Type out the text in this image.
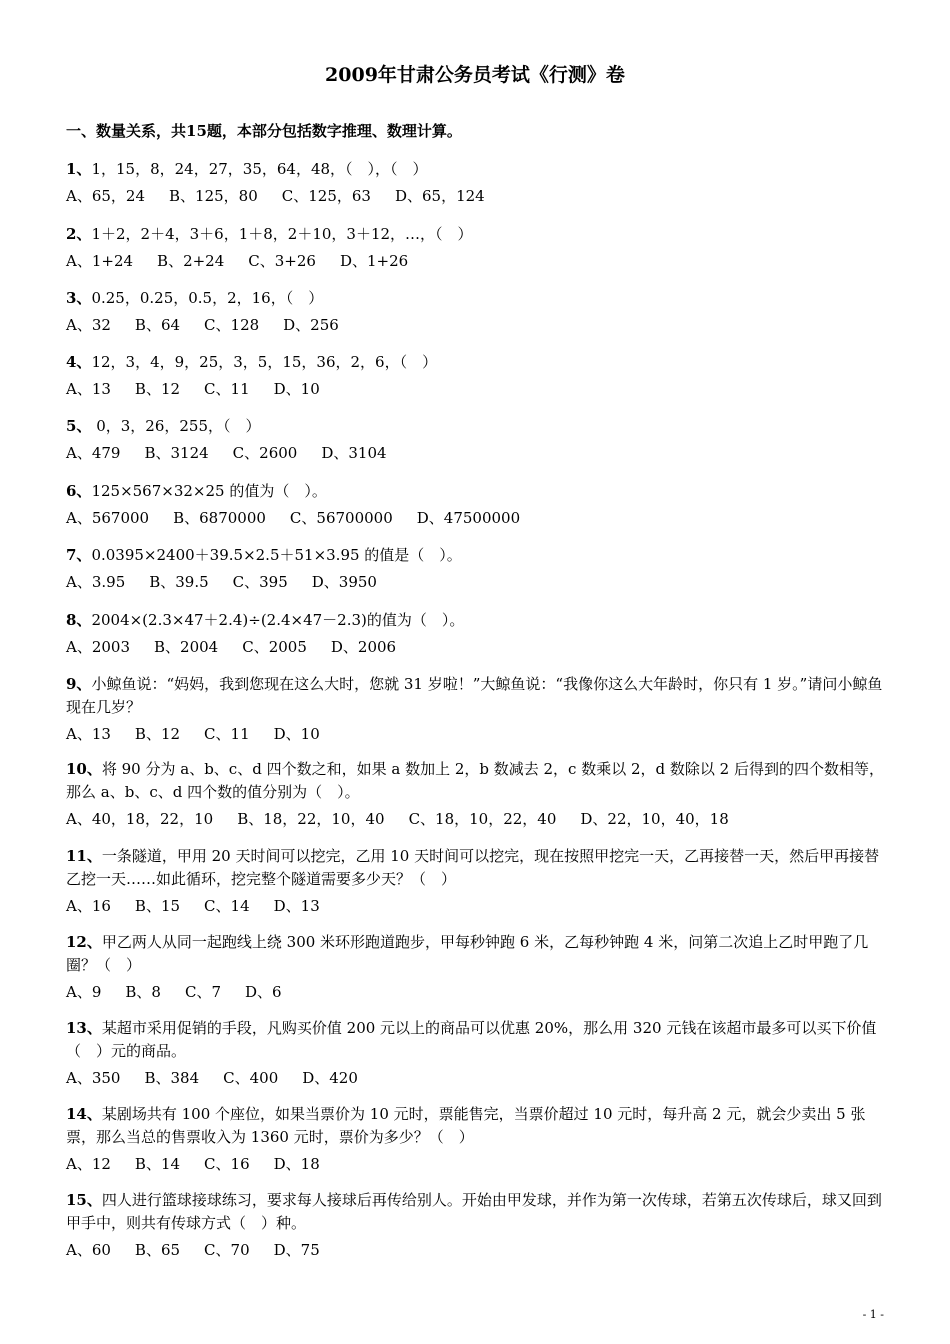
2009年甘肃公务员考试《行测》卷
一、数量关系，共15题，本部分包括数字推理、数理计算。
1、1，15，8，24，27，35，64，48，（　），（　）
A、65，24 B、125，80 C、125，63 D、65，124
2、1＋2，2＋4，3＋6，1＋8，2＋10，3＋12，…，（　）
A、1+24 B、2+24 C、3+26 D、1+26
3、0.25，0.25，0.5，2，16，（　）
A、32 B、64 C、128 D、256
4、12，3，4，9，25，3，5，15，36，2，6，（　）
A、13 B、12 C、11 D、10
5、 0，3，26，255，（　）
A、479 B、3124 C、2600 D、3104
6、125×567×32×25 的值为（　）。
A、567000 B、6870000 C、56700000 D、47500000
7、0.0395×2400＋39.5×2.5＋51×3.95 的值是（　）。
A、3.95 B、39.5 C、395 D、3950
8、2004×(2.3×47＋2.4)÷(2.4×47－2.3)的值为（　）。
A、2003 B、2004 C、2005 D、2006
9、小鲸鱼说：“妈妈，我到您现在这么大时，您就 31 岁啦！”大鲸鱼说：“我像你这么大年龄时，你只有 1 岁。”请问小鲸鱼现在几岁？
A、13 B、12 C、11 D、10
10、将 90 分为 a、b、c、d 四个数之和，如果 a 数加上 2，b 数减去 2，c 数乘以 2，d 数除以 2 后得到的四个数相等，那么 a、b、c、d 四个数的值分别为（　）。
A、40，18，22，10 B、18，22，10，40 C、18，10，22，40 D、22，10，40，18
11、一条隧道，甲用 20 天时间可以挖完，乙用 10 天时间可以挖完，现在按照甲挖完一天，乙再接替一天，然后甲再接替乙挖一天……如此循环，挖完整个隧道需要多少天？（　）
A、16 B、15 C、14 D、13
12、甲乙两人从同一起跑线上绕 300 米环形跑道跑步，甲每秒钟跑 6 米，乙每秒钟跑 4 米，问第二次追上乙时甲跑了几圈？（　）
A、9 B、8 C、7 D、6
13、某超市采用促销的手段，凡购买价值 200 元以上的商品可以优惠 20%，那么用 320 元钱在该超市最多可以买下价值（　）元的商品。
A、350 B、384 C、400 D、420
14、某剧场共有 100 个座位，如果当票价为 10 元时，票能售完，当票价超过 10 元时，每升高 2 元，就会少卖出 5 张票，那么当总的售票收入为 1360 元时，票价为多少？（　）
A、12 B、14 C、16 D、18
15、四人进行篮球接球练习，要求每人接球后再传给别人。开始由甲发球，并作为第一次传球，若第五次传球后，球又回到甲手中，则共有传球方式（　）种。
A、60 B、65 C、70 D、75
- 1 -
